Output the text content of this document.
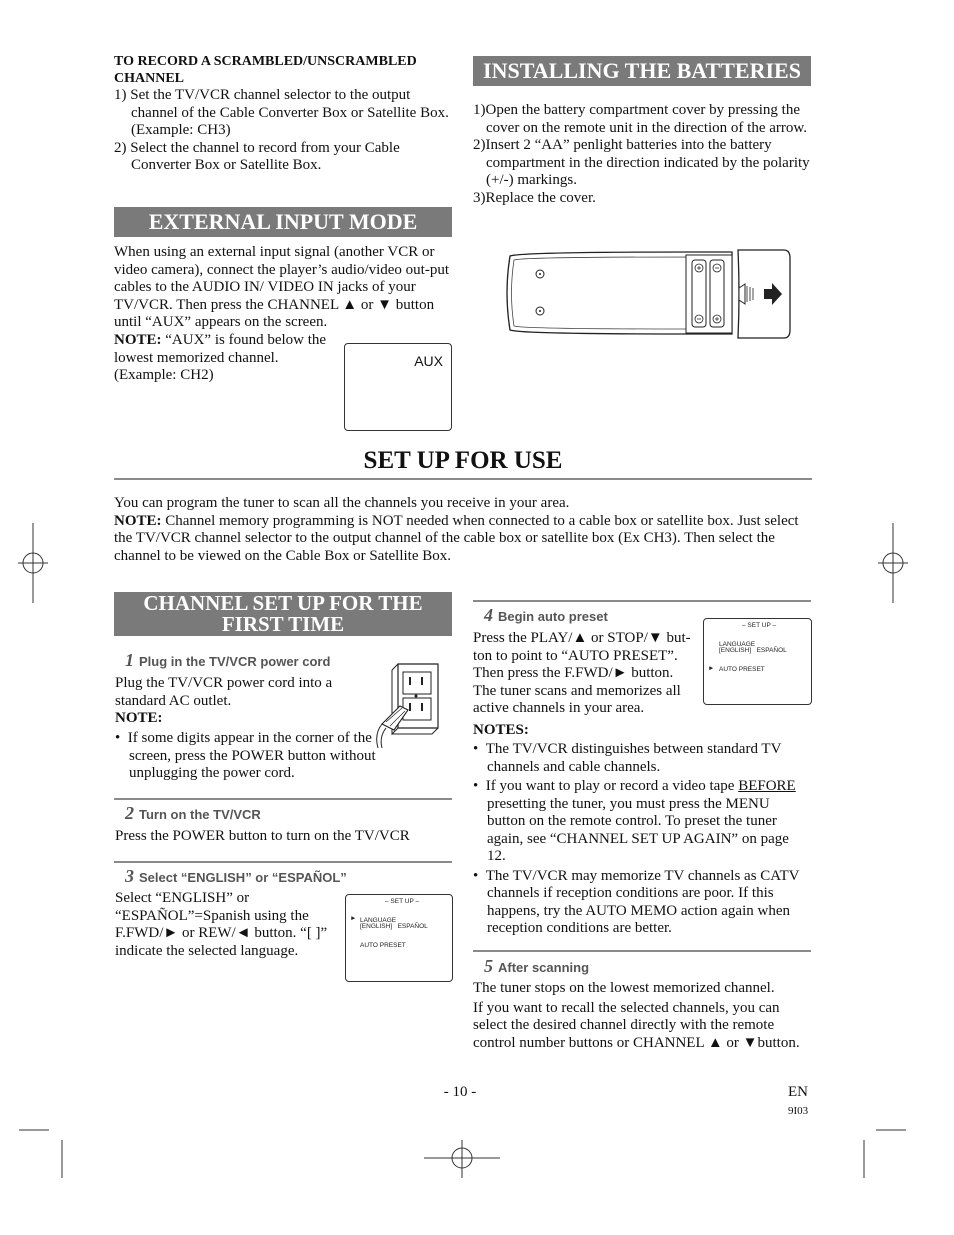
TO RECORD A SCRAMBLED/UNSCRAMBLED
CHANNEL

1) Set the TV/VCR channel selector to the output channel of the Cable Converter Box or Satellite Box. (Example: CH3)

2) Select the channel to record from your Cable Converter Box or Satellite Box.

EXTERNAL INPUT MODE
When using an external input signal (another VCR or video camera), connect the player’s audio/video out-put cables to the AUDIO IN/ VIDEO IN jacks of your TV/VCR. Then press the CHANNEL ▲ or ▼ button until “AUX” appears on the screen.
NOTE: “AUX” is found below the lowest memorized channel. (Example: CH2)
AUX
INSTALLING THE BATTERIES

1)Open the battery compartment cover by pressing the cover on the remote unit in the direction of the arrow.

2)Insert 2 “AA” penlight batteries into the battery compartment in the direction indicated by the polarity (+/-) markings.

3)Replace the cover.

SET UP FOR USE

You can program the tuner to scan all the channels you receive in your area.

NOTE: Channel memory programming is NOT needed when connected to a cable box or satellite box. Just select the TV/VCR channel selector to the output channel of the cable box or satellite box (Ex CH3). Then select the channel to be viewed on the Cable Box or Satellite Box.

CHANNEL SET UP FOR THE
FIRST TIME
1 Plug in the TV/VCR power cord
Plug the TV/VCR power cord into a standard AC outlet.
NOTE:
•  If some digits appear in the corner of the screen, press the POWER button without unplugging the power cord.
2 Turn on the TV/VCR
Press the POWER button to turn on the TV/VCR
3 Select “ENGLISH” or “ESPAÑOL”
Select “ENGLISH” or “ESPAÑOL”=Spanish using the F.FWD/► or REW/◄ button. “[ ]” indicate the selected language.
– SET UP –
► LANGUAGE
[ENGLISH]   ESPAÑOL
AUTO PRESET
4 Begin auto preset
Press the PLAY/▲ or STOP/▼ but-ton to point to “AUTO PRESET”. Then press the F.FWD/► button. The tuner scans and memorizes all active channels in your area.
– SET UP –
LANGUAGE
[ENGLISH]   ESPAÑOL
► AUTO PRESET
NOTES:

•  The TV/VCR distinguishes between standard TV channels and cable channels.

•  If you want to play or record a video tape BEFORE presetting the tuner, you must press the MENU button on the remote control. To preset the tuner again, see “CHANNEL SET UP AGAIN” on page 12.

•  The TV/VCR may memorize TV channels as CATV channels if reception conditions are poor. If this happens, try the AUTO MEMO action again when reception conditions are better.

5 After scanning

The tuner stops on the lowest memorized channel.

If you want to recall the selected channels, you can select the desired channel directly with the remote control number buttons or CHANNEL ▲ or ▼button.

- 10 -	EN
9I03
